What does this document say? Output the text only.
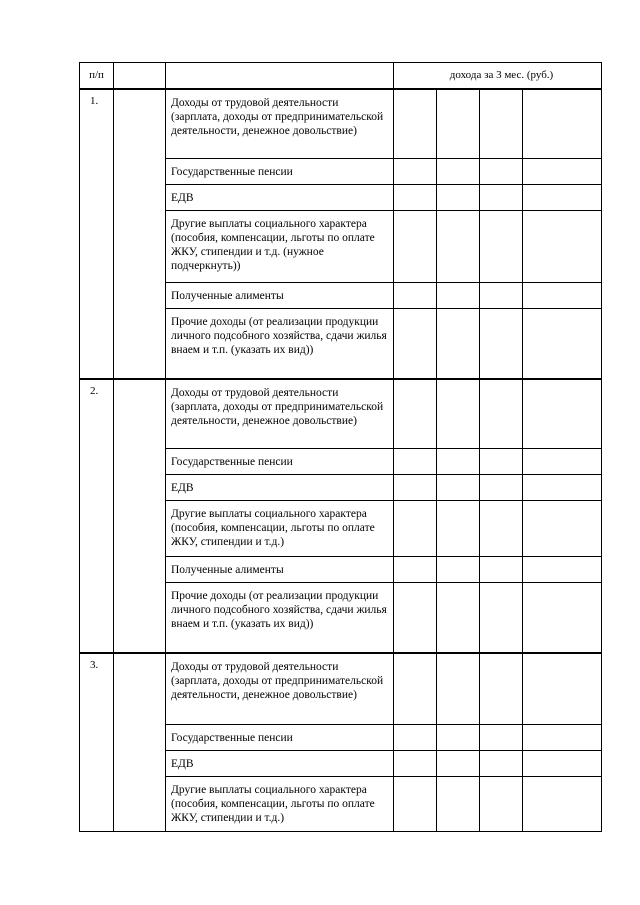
п/п			дохода за 3 мес. (руб.)			
1.		Доходы от трудовой деятельности (зарплата, доходы от предпринимательской деятельности, денежное довольствие)				
		Государственные пенсии				
		ЕДВ				
		Другие выплаты социального характера (пособия, компенсации, льготы по оплате ЖКУ, стипендии и т.д. (нужное подчеркнуть))				
		Полученные алименты				
		Прочие доходы (от реализации продукции личного подсобного хозяйства, сдачи жилья внаем и т.п. (указать их вид))				
2.		Доходы от трудовой деятельности (зарплата, доходы от предпринимательской деятельности, денежное довольствие)				
		Государственные пенсии				
		ЕДВ				
		Другие выплаты социального характера (пособия, компенсации, льготы по оплате ЖКУ, стипендии и т.д.)				
		Полученные алименты				
		Прочие доходы (от реализации продукции личного подсобного хозяйства, сдачи жилья внаем и т.п. (указать их вид))				
3.		Доходы от трудовой деятельности (зарплата, доходы от предпринимательской деятельности, денежное довольствие)				
		Государственные пенсии				
		ЕДВ				
		Другие выплаты социального характера (пособия, компенсации, льготы по оплате ЖКУ, стипендии и т.д.)				
